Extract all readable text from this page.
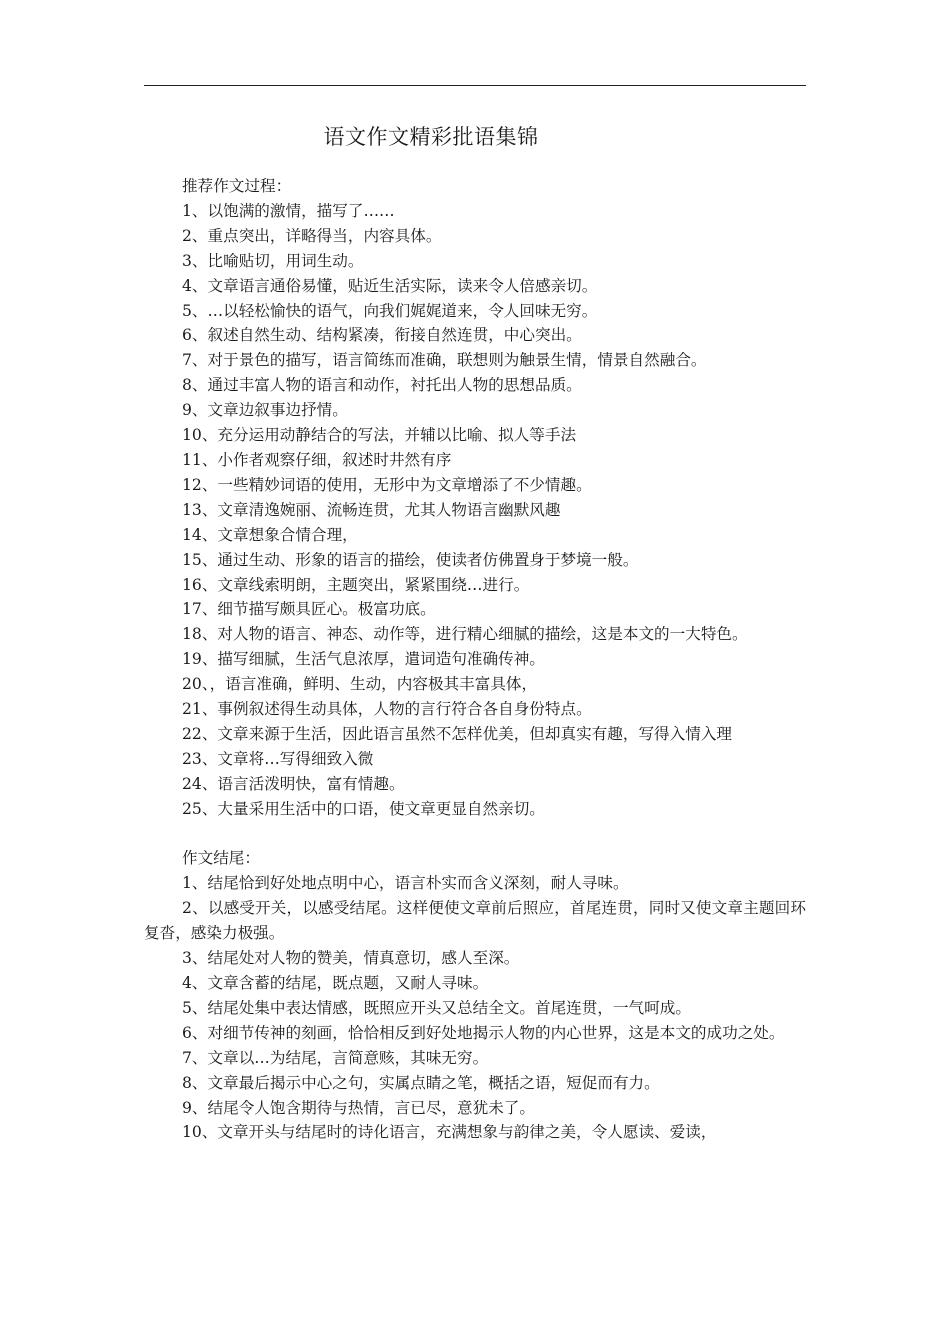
语文作文精彩批语集锦

推荐作文过程：

1、以饱满的激情，描写了……

2、重点突出，详略得当，内容具体。

3、比喻贴切，用词生动。

4、文章语言通俗易懂，贴近生活实际，读来令人倍感亲切。

5、…以轻松愉快的语气，向我们娓娓道来，令人回味无穷。

6、叙述自然生动、结构紧凑，衔接自然连贯，中心突出。

7、对于景色的描写，语言简练而准确，联想则为触景生情，情景自然融合。

8、通过丰富人物的语言和动作，衬托出人物的思想品质。

9、文章边叙事边抒情。

10、充分运用动静结合的写法，并辅以比喻、拟人等手法

11、小作者观察仔细，叙述时井然有序

12、一些精妙词语的使用，无形中为文章增添了不少情趣。

13、文章清逸婉丽、流畅连贯，尤其人物语言幽默风趣

14、文章想象合情合理，

15、通过生动、形象的语言的描绘，使读者仿佛置身于梦境一般。

16、文章线索明朗，主题突出，紧紧围绕…进行。

17、细节描写颇具匠心。极富功底。

18、对人物的语言、神态、动作等，进行精心细腻的描绘，这是本文的一大特色。

19、描写细腻，生活气息浓厚，遣词造句准确传神。

20、，语言准确，鲜明、生动，内容极其丰富具体，

21、事例叙述得生动具体，人物的言行符合各自身份特点。

22、文章来源于生活，因此语言虽然不怎样优美，但却真实有趣，写得入情入理

23、文章将…写得细致入微

24、语言活泼明快，富有情趣。

25、大量采用生活中的口语，使文章更显自然亲切。

作文结尾：

1、结尾恰到好处地点明中心，语言朴实而含义深刻，耐人寻味。

2、以感受开关，以感受结尾。这样便使文章前后照应，首尾连贯，同时又使文章主题回环复沓，感染力极强。

3、结尾处对人物的赞美，情真意切，感人至深。

4、文章含蓄的结尾，既点题，又耐人寻味。

5、结尾处集中表达情感，既照应开头又总结全文。首尾连贯，一气呵成。

6、对细节传神的刻画，恰恰相反到好处地揭示人物的内心世界，这是本文的成功之处。

7、文章以…为结尾，言简意赅，其味无穷。

8、文章最后揭示中心之句，实属点睛之笔，概括之语，短促而有力。

9、结尾令人饱含期待与热情，言已尽，意犹未了。

10、文章开头与结尾时的诗化语言，充满想象与韵律之美，令人愿读、爱读，
